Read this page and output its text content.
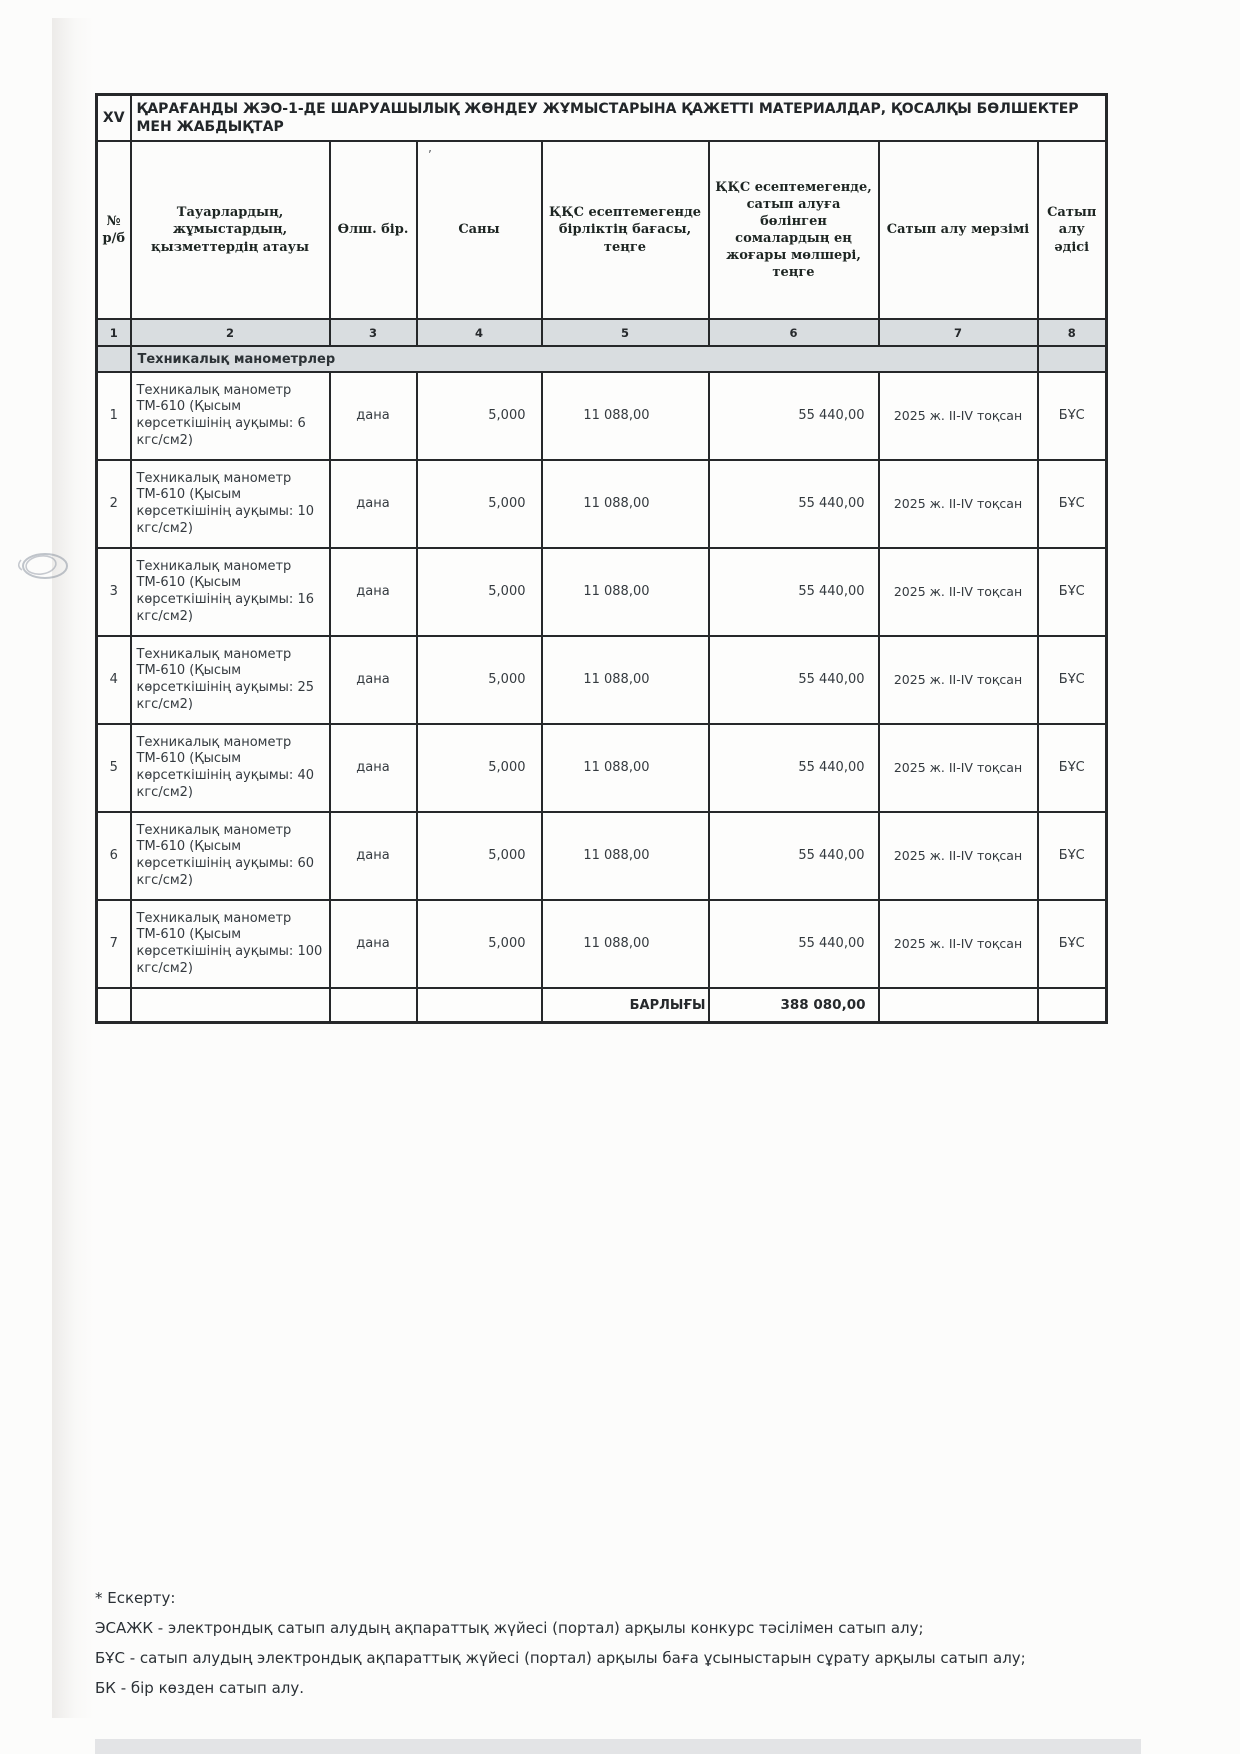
’
XV	ҚАРАҒАНДЫ ЖЭО-1-ДЕ ШАРУАШЫЛЫҚ ЖӨНДЕУ ЖҰМЫСТАРЫНА ҚАЖЕТТІ МАТЕРИАЛДАР, ҚОСАЛҚЫ БӨЛШЕКТЕР МЕН ЖАБДЫҚТАР						
№ р/б	Тауарлардың, жұмыстардың, қызметтердің атауы	Өлш. бір.	Саны	ҚҚС есептемегенде бірліктің бағасы, теңге	ҚҚС есептемегенде, сатып алуға бөлінген сомалардың ең жоғары мөлшері, теңге	Сатып алу мерзімі	Сатып алу әдісі
1	2	3	4	5	6	7	8
	Техникалық манометрлер						
1	Техникалық манометр ТМ-610 (Қысым көрсеткішінің ауқымы: 6 кгс/см2)	дана	5,000	11 088,00	55 440,00	2025 ж. II-IV тоқсан	БҰС
2	Техникалық манометр ТМ-610 (Қысым көрсеткішінің ауқымы: 10 кгс/см2)	дана	5,000	11 088,00	55 440,00	2025 ж. II-IV тоқсан	БҰС
3	Техникалық манометр ТМ-610 (Қысым көрсеткішінің ауқымы: 16 кгс/см2)	дана	5,000	11 088,00	55 440,00	2025 ж. II-IV тоқсан	БҰС
4	Техникалық манометр ТМ-610 (Қысым көрсеткішінің ауқымы: 25 кгс/см2)	дана	5,000	11 088,00	55 440,00	2025 ж. II-IV тоқсан	БҰС
5	Техникалық манометр ТМ-610 (Қысым көрсеткішінің ауқымы: 40 кгс/см2)	дана	5,000	11 088,00	55 440,00	2025 ж. II-IV тоқсан	БҰС
6	Техникалық манометр ТМ-610 (Қысым көрсеткішінің ауқымы: 60 кгс/см2)	дана	5,000	11 088,00	55 440,00	2025 ж. II-IV тоқсан	БҰС
7	Техникалық манометр ТМ-610 (Қысым көрсеткішінің ауқымы: 100 кгс/см2)	дана	5,000	11 088,00	55 440,00	2025 ж. II-IV тоқсан	БҰС
				БАРЛЫҒЫ	388 080,00		
* Ескерту:
ЭСАЖК - электрондық сатып алудың ақпараттық жүйесі (портал) арқылы конкурс тәсілімен сатып алу;
БҰС - сатып алудың электрондық ақпараттық жүйесі (портал) арқылы баға ұсыныстарын сұрату арқылы сатып алу;
БК - бір көзден сатып алу.
